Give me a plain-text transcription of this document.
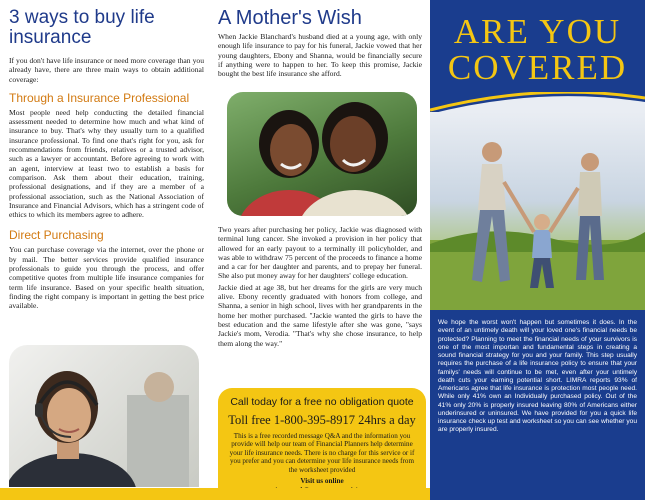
3 ways to buy life insurance

If you don't have life insurance or need more coverage than you already have, there are three main ways to obtain additional coverage:

Through a Insurance Professional

Most people need help conducting the detailed financial assessment needed to determine how much and what kind of insurance to buy. That's why they usually turn to a qualified insurance professional. To find one that's right for you, ask for recommendations from friends, relatives or a trusted advisor, such as a lawyer or accountant. Before agreeing to work with an agent, interview at least two to establish a basis for comparison. Ask them about their education, training, professional designations, and if they are a member of a professional association, such as the National Association of Insurance and Financial Advisors, which has a stringent code of ethics to which its members agree to adhere.

Direct Purchasing

You can purchase coverage via the internet, over the phone or by mail. The better services provide qualified insurance professionals to guide you through the process, and offer competitive quotes from multiple life insurance companies for term life insurance. Based on your specific health situation, finding the right company is important in getting the best price available.

A Mother's Wish

When Jackie Blanchard's husband died at a young age, with only enough life insurance to pay for his funeral, Jackie vowed that her young daughters, Ebony and Shanna, would be financially secure if anything were to happen to her. To keep this promise, Jackie bought the best life insurance she afford.

Two years after purchasing her policy, Jackie was diagnosed with terminal lung cancer. She invoked a provision in her policy that allowed for an early payout to a terminally ill policyholder, and was able to withdraw 75 percent of the proceeds to finance a home and a car for her daughter and parents, and to prepay her funeral. She also put money away for her daughters' college education.

Jackie died at age 38, but her dreams for the girls are very much alive. Ebony recently graduated with honors from college, and Shanna, a senior in high school, lives with her grandparents in the home her mother purchased. "Jackie wanted the girls to have the best education and the same lifestyle after she was gone, "says Jackie's mom, Verodia. "That's why she chose insurance, to help them along the way."

Call today for a free no obligation quote
Toll free 1-800-395-8917 24hrs a day

This is a free recorded message Q&A and the information you provide will help our team of Financial Planners help determine your life insurance needs. There is no charge for this service or if you prefer and you can determine your life insurance needs from the worksheet provided

Visit us online
ARE YOU
COVERED

We hope the worst won't happen but sometimes it does. In the event of an untimely death will your loved one's financial needs be protected? Planning to meet the financial needs of your survivors is one of the most importan and fundamental steps in creating a sound financial strategy for you and your family. This step usually requires the purchase of a life insurance policy to ensure that your familys' needs will continue to be met, even after your untimely death cuts your earning potential short. LIMRA reports 93% of Americans agree that life insurance is protection most people need. While only 41% own an Individually purchased policy. Out of the 41% only 20% is properly insured leaving 80% of Americans either underinsured or uninsured. We have provided for you a quick life insurance check up test and worksheet so you can see whether you are properly insured.
